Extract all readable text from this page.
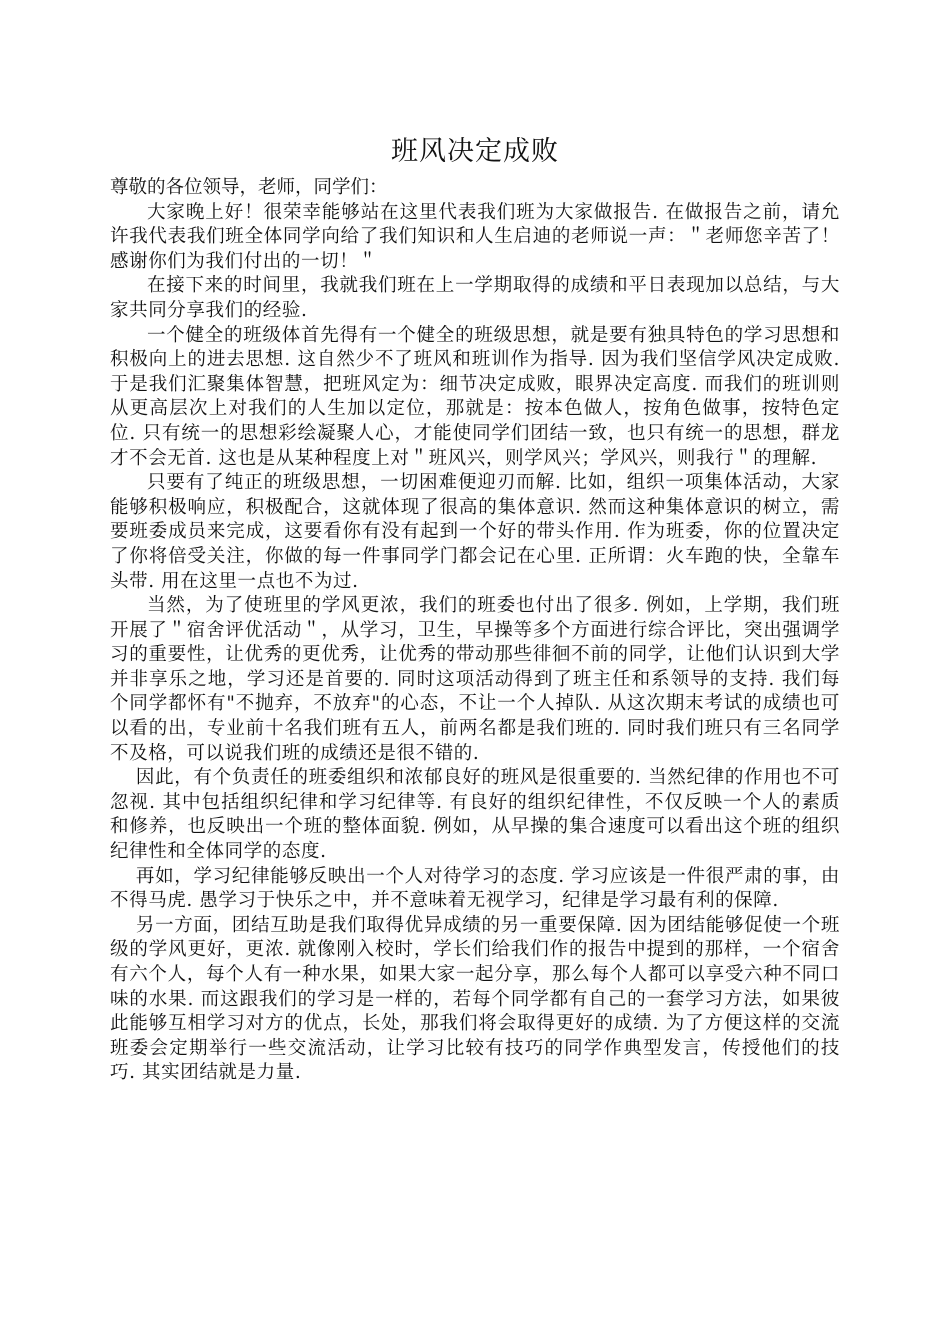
班风决定成败

尊敬的各位领导，老师，同学们：

大家晚上好！很荣幸能够站在这里代表我们班为大家做报告. 在做报告之前，请允许我代表我们班全体同学向给了我们知识和人生启迪的老师说一声：＂老师您辛苦了！感谢你们为我们付出的一切！＂

在接下来的时间里，我就我们班在上一学期取得的成绩和平日表现加以总结，与大家共同分享我们的经验.

一个健全的班级体首先得有一个健全的班级思想，就是要有独具特色的学习思想和积极向上的进去思想. 这自然少不了班风和班训作为指导. 因为我们坚信学风决定成败. 于是我们汇聚集体智慧，把班风定为：细节决定成败，眼界决定高度. 而我们的班训则从更高层次上对我们的人生加以定位，那就是：按本色做人，按角色做事，按特色定位. 只有统一的思想彩绘凝聚人心，才能使同学们团结一致，也只有统一的思想，群龙才不会无首. 这也是从某种程度上对＂班风兴，则学风兴；学风兴，则我行＂的理解.

只要有了纯正的班级思想，一切困难便迎刃而解. 比如，组织一项集体活动，大家能够积极响应，积极配合，这就体现了很高的集体意识. 然而这种集体意识的树立，需要班委成员来完成，这要看你有没有起到一个好的带头作用. 作为班委，你的位置决定了你将倍受关注，你做的每一件事同学门都会记在心里. 正所谓：火车跑的快，全靠车头带. 用在这里一点也不为过.

当然，为了使班里的学风更浓，我们的班委也付出了很多. 例如，上学期，我们班开展了＂宿舍评优活动＂，从学习，卫生，早操等多个方面进行综合评比，突出强调学习的重要性，让优秀的更优秀，让优秀的带动那些徘徊不前的同学，让他们认识到大学并非享乐之地，学习还是首要的. 同时这项活动得到了班主任和系领导的支持. 我们每个同学都怀有"不抛弃，不放弃"的心态，不让一个人掉队. 从这次期末考试的成绩也可以看的出，专业前十名我们班有五人，前两名都是我们班的. 同时我们班只有三名同学不及格，可以说我们班的成绩还是很不错的.

因此，有个负责任的班委组织和浓郁良好的班风是很重要的. 当然纪律的作用也不可忽视. 其中包括组织纪律和学习纪律等. 有良好的组织纪律性，不仅反映一个人的素质和修养，也反映出一个班的整体面貌. 例如，从早操的集合速度可以看出这个班的组织纪律性和全体同学的态度.

再如，学习纪律能够反映出一个人对待学习的态度. 学习应该是一件很严肃的事，由不得马虎. 愚学习于快乐之中，并不意味着无视学习，纪律是学习最有利的保障.

另一方面，团结互助是我们取得优异成绩的另一重要保障. 因为团结能够促使一个班级的学风更好，更浓. 就像刚入校时，学长们给我们作的报告中提到的那样，一个宿舍有六个人，每个人有一种水果，如果大家一起分享，那么每个人都可以享受六种不同口味的水果. 而这跟我们的学习是一样的，若每个同学都有自己的一套学习方法，如果彼此能够互相学习对方的优点，长处，那我们将会取得更好的成绩. 为了方便这样的交流班委会定期举行一些交流活动，让学习比较有技巧的同学作典型发言，传授他们的技巧. 其实团结就是力量.
